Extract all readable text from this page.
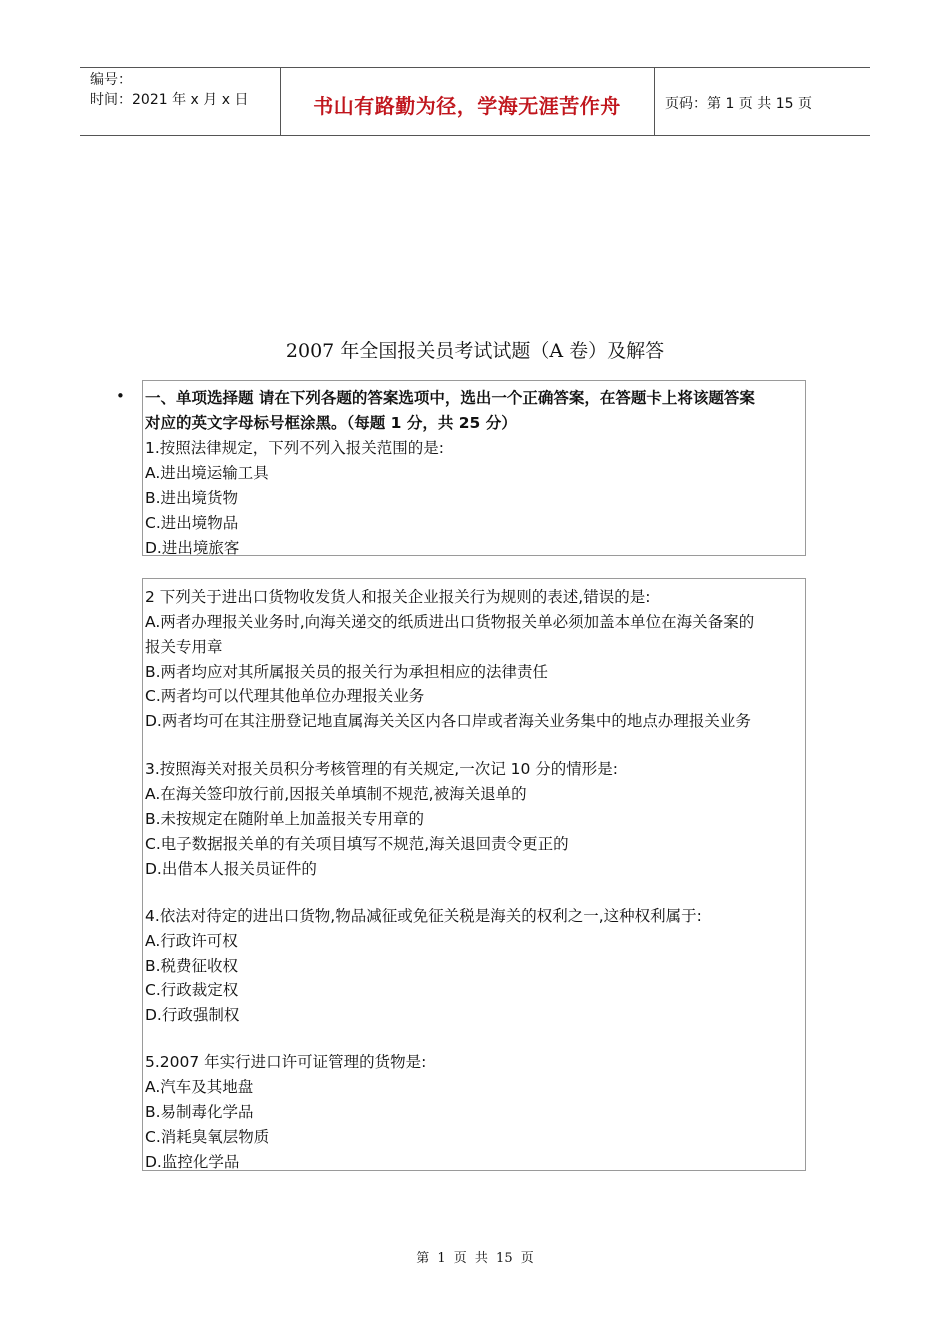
编号：
时间：2021 年 x 月 x 日	书山有路勤为径，学海无涯苦作舟	页码：第 1 页 共 15 页
2007 年全国报关员考试试题（A 卷）及解答
• 一、单项选择题 请在下列各题的答案选项中，选出一个正确答案，在答题卡上将该题答案
对应的英文字母标号框涂黑。（每题 1 分，共 25 分）
1.按照法律规定，下列不列入报关范围的是:
A.进出境运输工具
B.进出境货物
C.进出境物品
D.进出境旅客
2 下列关于进出口货物收发货人和报关企业报关行为规则的表述,错误的是:
A.两者办理报关业务时,向海关递交的纸质进出口货物报关单必须加盖本单位在海关备案的
报关专用章
B.两者均应对其所属报关员的报关行为承担相应的法律责任
C.两者均可以代理其他单位办理报关业务
D.两者均可在其注册登记地直属海关关区内各口岸或者海关业务集中的地点办理报关业务
3.按照海关对报关员积分考核管理的有关规定,一次记 10 分的情形是:
A.在海关签印放行前,因报关单填制不规范,被海关退单的
B.未按规定在随附单上加盖报关专用章的
C.电子数据报关单的有关项目填写不规范,海关退回责令更正的
D.出借本人报关员证件的
4.依法对待定的进出口货物,物品减征或免征关税是海关的权利之一,这种权利属于:
A.行政许可权
B.税费征收权
C.行政裁定权
D.行政强制权
5.2007 年实行进口许可证管理的货物是:
A.汽车及其地盘
B.易制毒化学品
C.消耗臭氧层物质
D.监控化学品
第 1 页 共 15 页
